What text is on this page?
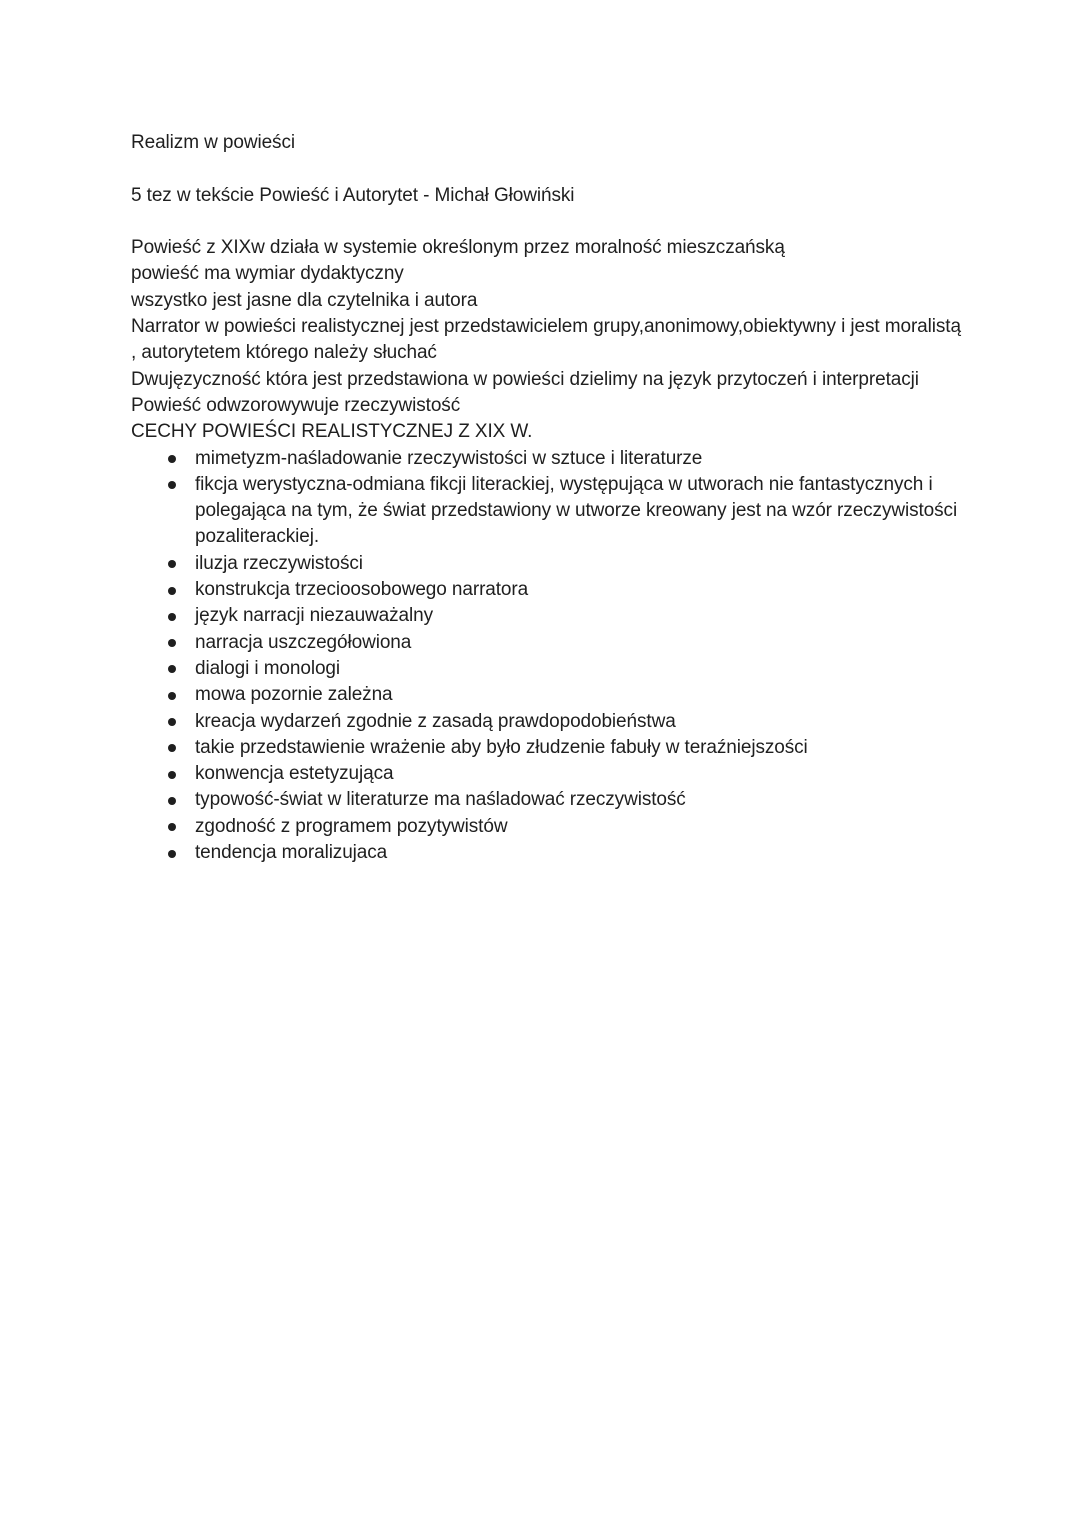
Realizm w powieści

5 tez w tekście Powieść i Autorytet - Michał Głowiński

Powieść z XIXw działa w systemie określonym przez moralność mieszczańską

powieść ma wymiar dydaktyczny

wszystko jest jasne dla czytelnika i autora

Narrator w powieści realistycznej jest przedstawicielem grupy,anonimowy,obiektywny i jest moralistą , autorytetem którego należy słuchać

Dwujęzyczność która jest przedstawiona w powieści dzielimy na język przytoczeń i interpretacji

Powieść odwzorowywuje rzeczywistość

CECHY POWIEŚCI REALISTYCZNEJ Z XIX W.

mimetyzm-naśladowanie rzeczywistości w sztuce i literaturze
fikcja werystyczna-odmiana fikcji literackiej, występująca w utworach nie fantastycznych i polegająca na tym, że świat przedstawiony w utworze kreowany jest na wzór rzeczywistości pozaliterackiej.
iluzja rzeczywistości
konstrukcja trzecioosobowego narratora
język narracji niezauważalny
narracja uszczegółowiona
dialogi i monologi
mowa pozornie zależna
kreacja wydarzeń zgodnie z zasadą prawdopodobieństwa
takie przedstawienie wrażenie aby było złudzenie fabuły w teraźniejszości
konwencja estetyzująca
typowość-świat w literaturze ma naśladować rzeczywistość
zgodność z programem pozytywistów
tendencja moralizujaca
